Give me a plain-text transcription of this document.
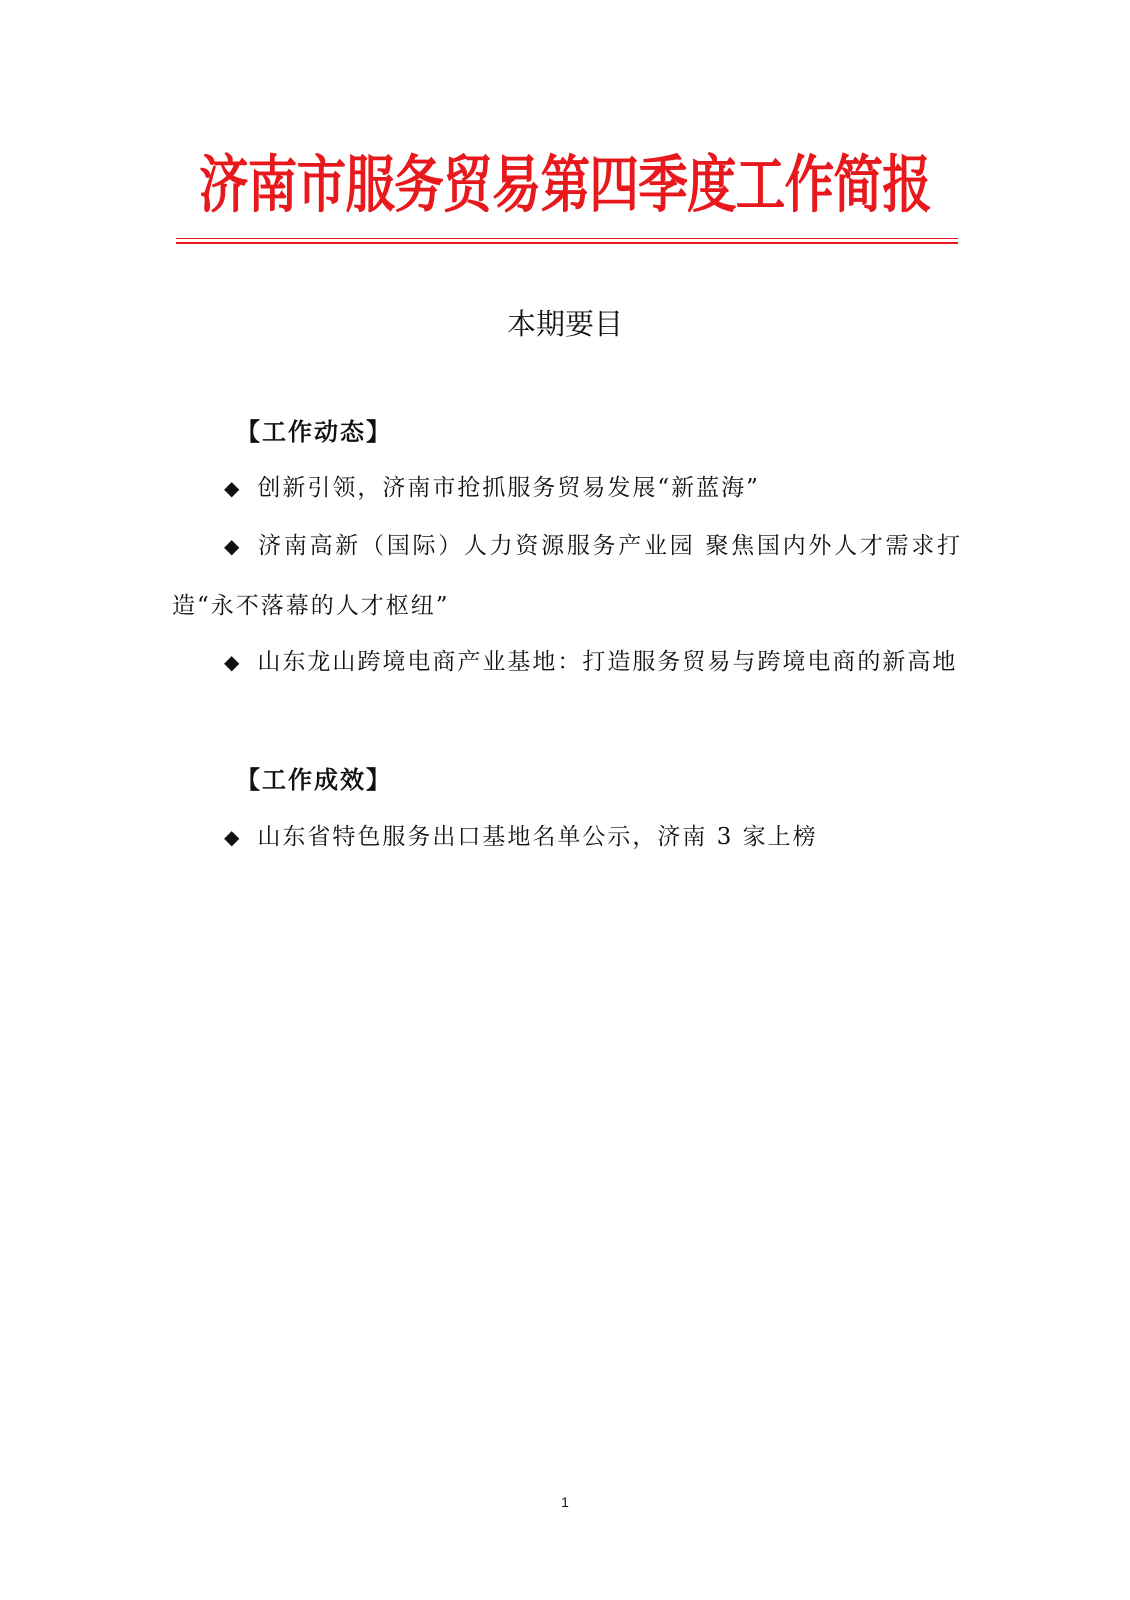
济南市服务贸易第四季度工作简报
本期要目
【工作动态】
◆ 创新引领，济南市抢抓服务贸易发展“新蓝海”
◆ 济南高新（国际）人力资源服务产业园 聚焦国内外人才需求打造“永不落幕的人才枢纽”
◆ 山东龙山跨境电商产业基地：打造服务贸易与跨境电商的新高地
【工作成效】
◆ 山东省特色服务出口基地名单公示，济南 3 家上榜
1
